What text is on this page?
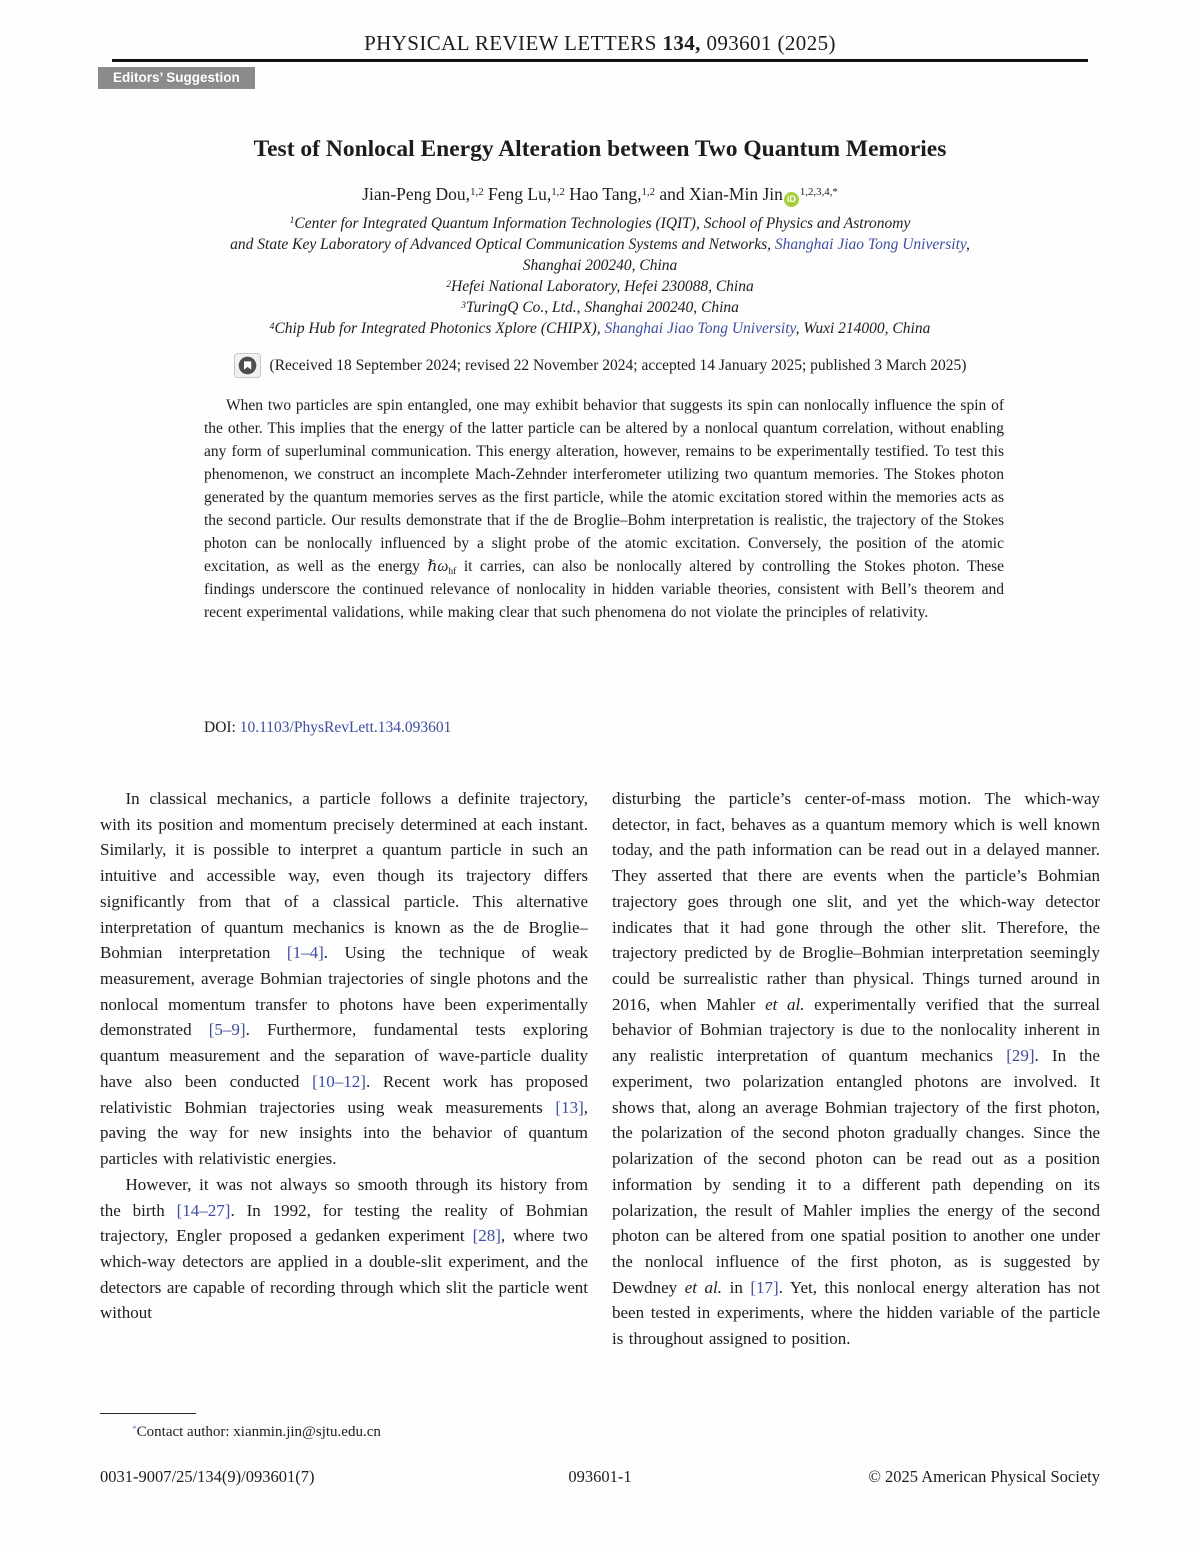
PHYSICAL REVIEW LETTERS 134, 093601 (2025)
Editors’ Suggestion
Test of Nonlocal Energy Alteration between Two Quantum Memories
Jian-Peng Dou,$^{1,2}$ Feng Lu,$^{1,2}$ Hao Tang,$^{1,2}$ and Xian-Min Jin $iD^{1,2,3,4,*}$
$^1$Center for Integrated Quantum Information Technologies (IQIT), School of Physics and Astronomy
and State Key Laboratory of Advanced Optical Communication Systems and Networks, Shanghai Jiao Tong University,
Shanghai 200240, China
$^2$Hefei National Laboratory, Hefei 230088, China
$^3$TuringQ Co., Ltd., Shanghai 200240, China
$^4$Chip Hub for Integrated Photonics Xplore (CHIPX), Shanghai Jiao Tong University, Wuxi 214000, China
(Received 18 September 2024; revised 22 November 2024; accepted 14 January 2025; published 3 March 2025)
When two particles are spin entangled, one may exhibit behavior that suggests its spin can nonlocally influence the spin of the other. This implies that the energy of the latter particle can be altered by a nonlocal quantum correlation, without enabling any form of superluminal communication. This energy alteration, however, remains to be experimentally testified. To test this phenomenon, we construct an incomplete Mach-Zehnder interferometer utilizing two quantum memories. The Stokes photon generated by the quantum memories serves as the first particle, while the atomic excitation stored within the memories acts as the second particle. Our results demonstrate that if the de Broglie–Bohm interpretation is realistic, the trajectory of the Stokes photon can be nonlocally influenced by a slight probe of the atomic excitation. Conversely, the position of the atomic excitation, as well as the energy ℏωhf it carries, can also be nonlocally altered by controlling the Stokes photon. These findings underscore the continued relevance of nonlocality in hidden variable theories, consistent with Bell’s theorem and recent experimental validations, while making clear that such phenomena do not violate the principles of relativity.
DOI: 10.1103/PhysRevLett.134.093601

In classical mechanics, a particle follows a definite trajectory, with its position and momentum precisely determined at each instant. Similarly, it is possible to interpret a quantum particle in such an intuitive and accessible way, even though its trajectory differs significantly from that of a classical particle. This alternative interpretation of quantum mechanics is known as the de Broglie–Bohmian interpretation [1–4]. Using the technique of weak measurement, average Bohmian trajectories of single photons and the nonlocal momentum transfer to photons have been experimentally demonstrated [5–9]. Furthermore, fundamental tests exploring quantum measurement and the separation of wave-particle duality have also been conducted [10–12]. Recent work has proposed relativistic Bohmian trajectories using weak measurements [13], paving the way for new insights into the behavior of quantum particles with relativistic energies.

However, it was not always so smooth through its history from the birth [14–27]. In 1992, for testing the reality of Bohmian trajectory, Engler proposed a gedanken experiment [28], where two which-way detectors are applied in a double-slit experiment, and the detectors are capable of recording through which slit the particle went without

*Contact author: xianmin.jin@sjtu.edu.cn

disturbing the particle’s center-of-mass motion. The which-way detector, in fact, behaves as a quantum memory which is well known today, and the path information can be read out in a delayed manner. They asserted that there are events when the particle’s Bohmian trajectory goes through one slit, and yet the which-way detector indicates that it had gone through the other slit. Therefore, the trajectory predicted by de Broglie–Bohmian interpretation seemingly could be surrealistic rather than physical. Things turned around in 2016, when Mahler et al. experimentally verified that the surreal behavior of Bohmian trajectory is due to the nonlocality inherent in any realistic interpretation of quantum mechanics [29]. In the experiment, two polarization entangled photons are involved. It shows that, along an average Bohmian trajectory of the first photon, the polarization of the second photon gradually changes. Since the polarization of the second photon can be read out as a position information by sending it to a different path depending on its polarization, the result of Mahler implies the energy of the second photon can be altered from one spatial position to another one under the nonlocal influence of the first photon, as is suggested by Dewdney et al. in [17]. Yet, this nonlocal energy alteration has not been tested in experiments, where the hidden variable of the particle is throughout assigned to position.

0031-9007/25/134(9)/093601(7)	093601-1	© 2025 American Physical Society
